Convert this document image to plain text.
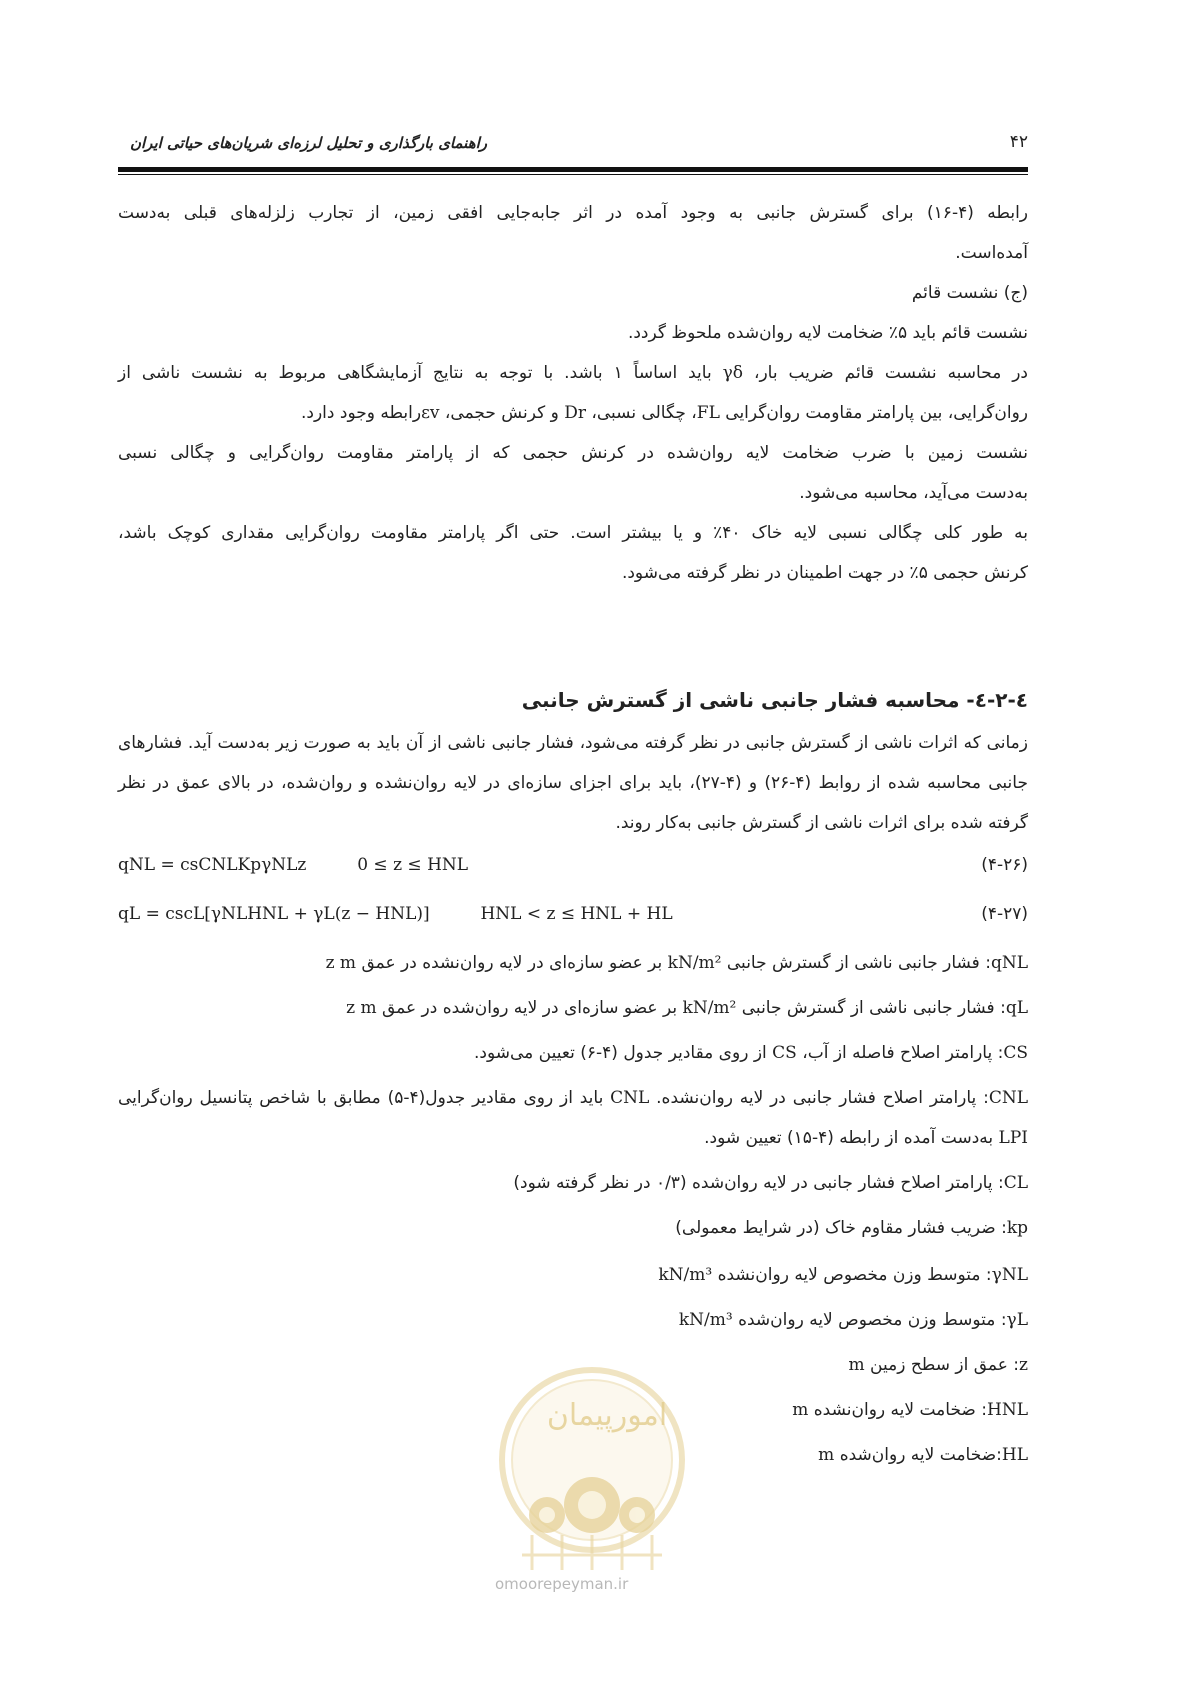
۴۲
راهنمای بارگذاری و تحلیل لرزه‌ای شریان‌های حیاتی ایران
رابطه (۴-۱۶) برای گسترش جانبی به وجود آمده در اثر جابه‌جایی افقی زمین، از تجارب زلزله‌های قبلی به‌دست
آمده‌است.
(ج) نشست قائم
نشست قائم باید ۵٪ ضخامت لایه روان‌شده ملحوظ گردد.
در محاسبه نشست قائم ضریب بار، γδ باید اساساً ۱ باشد. با توجه به نتایج آزمایشگاهی مربوط به نشست ناشی از
روان‌گرایی، بین پارامتر مقاومت روان‌گرایی FL، چگالی نسبی، Dr و کرنش حجمی، εvرابطه وجود دارد.
نشست زمین با ضرب ضخامت لایه روان‌شده در کرنش حجمی که از پارامتر مقاومت روان‌گرایی و چگالی نسبی
به‌دست می‌آید، محاسبه می‌شود.
به طور کلی چگالی نسبی لایه خاک ۴۰٪ و یا بیشتر است. حتی اگر پارامتر مقاومت روان‌گرایی مقداری کوچک باشد،
کرنش حجمی ۵٪ در جهت اطمینان در نظر گرفته می‌شود.
٤-٢-٤- محاسبه فشار جانبی ناشی از گسترش جانبی
زمانی که اثرات ناشی از گسترش جانبی در نظر گرفته می‌شود، فشار جانبی ناشی از آن باید به صورت زیر به‌دست آید. فشارهای
جانبی محاسبه شده از روابط (۴-۲۶) و (۴-۲۷)، باید برای اجزای سازه‌ای در لایه روان‌نشده و روان‌شده، در بالای عمق در نظر
گرفته شده برای اثرات ناشی از گسترش جانبی به‌کار روند.
qNL = csCNLKpγNLz	0 ≤ z ≤ HNL	(۴-۲۶)
qL = cscL[γNLHNL + γL(z − HNL)]	HNL < z ≤ HNL + HL	(۴-۲۷)
qNL: فشار جانبی ناشی از گسترش جانبی kN/m² بر عضو سازه‌ای در لایه روان‌نشده در عمق z m
qL: فشار جانبی ناشی از گسترش جانبی kN/m² بر عضو سازه‌ای در لایه روان‌شده در عمق z m
CS: پارامتر اصلاح فاصله از آب، CS از روی مقادیر جدول (۴-۶) تعیین می‌شود.
CNL: پارامتر اصلاح فشار جانبی در لایه روان‌نشده. CNL باید از روی مقادیر جدول(۴-۵) مطابق با شاخص پتانسیل روان‌گرایی
LPI به‌دست آمده از رابطه (۴-۱۵) تعیین شود.
CL: پارامتر اصلاح فشار جانبی در لایه روان‌شده (۰/۳ در نظر گرفته شود)
kp: ضریب فشار مقاوم خاک (در شرایط معمولی)
γNL: متوسط وزن مخصوص لایه روان‌نشده kN/m³
γL: متوسط وزن مخصوص لایه روان‌شده kN/m³
z: عمق از سطح زمین m
HNL: ضخامت لایه روان‌نشده m
HL:ضخامت لایه روان‌شده m
امورپیمان
omoorepeyman.ir
